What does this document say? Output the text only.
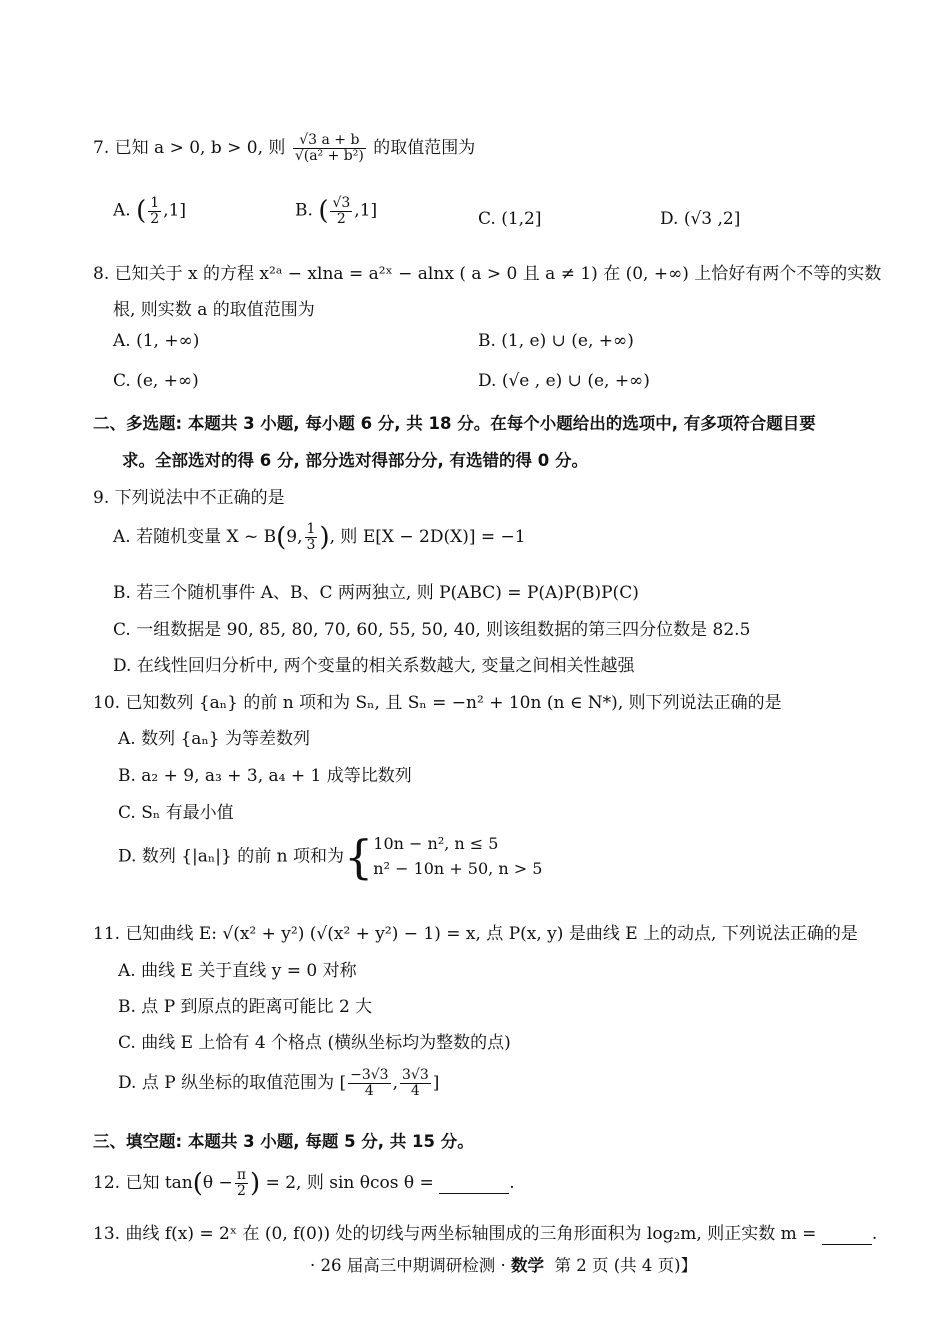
7. 已知 a > 0, b > 0, 则 $\frac{√3 a + b}{\text{√(a² + b²)}}$ 的取值范围为
A. ( $\frac{1}{2} ,1$]	B. ( $\frac{√3}{2} ,1$]	C. (1,2]	D. (√3 ,2]
8. 已知关于 x 的方程 x²ᵃ − xlna = a²ˣ − alnx ( a > 0 且 a ≠ 1) 在 (0, +∞) 上恰好有两个不等的实数
根, 则实数 a 的取值范围为
A. (1, +∞)	B. (1, e) ∪ (e, +∞)
C. (e, +∞)	D. (√e , e) ∪ (e, +∞)
二、多选题: 本题共 3 小题, 每小题 6 分, 共 18 分。在每个小题给出的选项中, 有多项符合题目要
求。全部选对的得 6 分, 部分选对得部分分, 有选错的得 0 分。
9. 下列说法中不正确的是
A. 若随机变量 X ~ B(9, $\frac{1}{3}$ ), 则 E[X − 2D(X)] = −1
B. 若三个随机事件 A、B、C 两两独立, 则 P(ABC) = P(A)P(B)P(C)
C. 一组数据是 90, 85, 80, 70, 60, 55, 50, 40, 则该组数据的第三四分位数是 82.5
D. 在线性回归分析中, 两个变量的相关系数越大, 变量之间相关性越强
10. 已知数列 {aₙ} 的前 n 项和为 Sₙ, 且 Sₙ = −n² + 10n (n ∈ N*), 则下列说法正确的是
A. 数列 {aₙ} 为等差数列
B. a₂ + 9, a₃ + 3, a₄ + 1 成等比数列
C. Sₙ 有最小值
D. 数列 {|aₙ|} 的前 n 项和为{10n − n², n ≤ 5
n² − 10n + 50, n > 5
11. 已知曲线 E: √(x² + y²) (√(x² + y²) − 1) = x, 点 P(x, y) 是曲线 E 上的动点, 下列说法正确的是
A. 曲线 E 关于直线 y = 0 对称
B. 点 P 到原点的距离可能比 2 大
C. 曲线 E 上恰有 4 个格点 (横纵坐标均为整数的点)
D. 点 P 纵坐标的取值范围为 [ $\frac{-3√3}{4}$ , $\frac{3√3}{4}$ ]
三、填空题: 本题共 3 小题, 每题 5 分, 共 15 分。
12. 已知 $\tan(\theta - \frac{\pi}{2}$ ) = 2, 则 sin θcos θ =	.
13. 曲线 f(x) = 2ˣ 在 (0, f(0)) 处的切线与两坐标轴围成的三角形面积为 log₂m, 则正实数 m =	.
· 26 届高三中期调研检测 · 数学 第 2 页 (共 4 页)】
